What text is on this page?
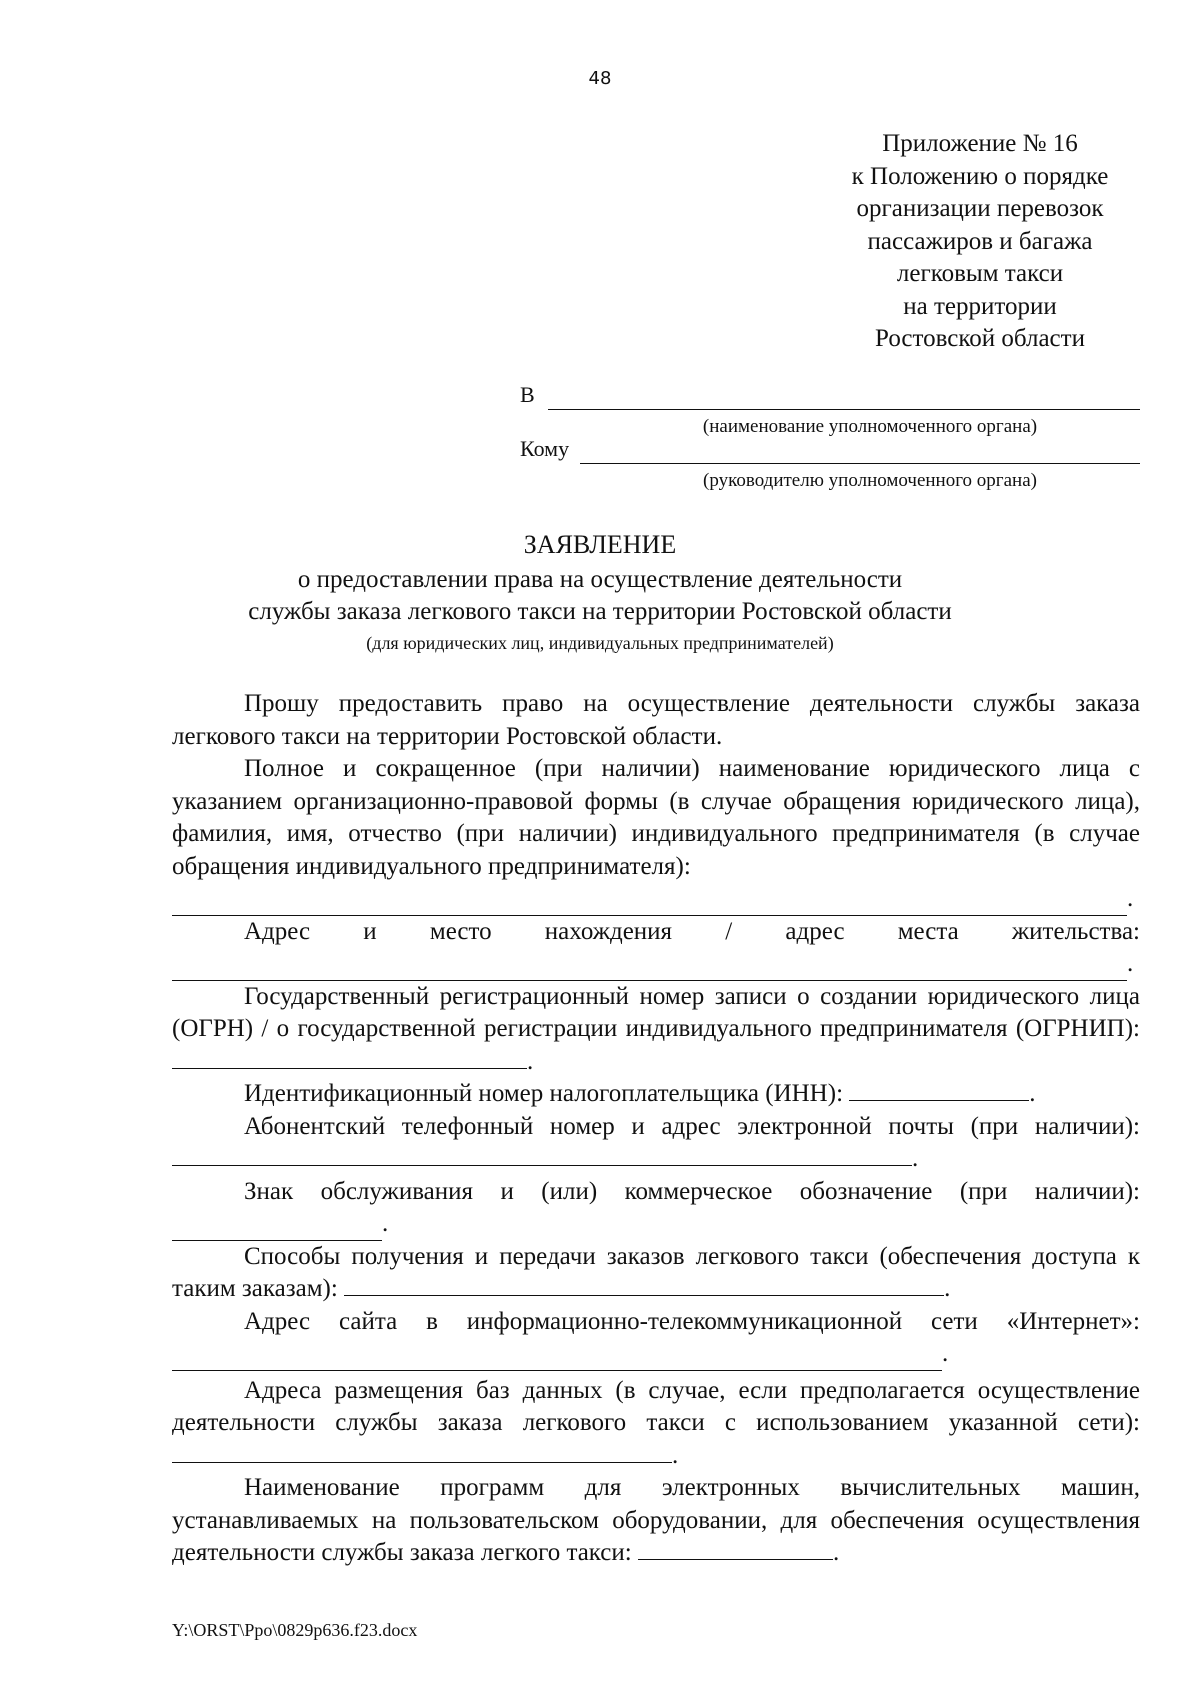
48
Приложение № 16
к Положению о порядке
организации перевозок
пассажиров и багажа
легковым такси
на территории
Ростовской области
В
(наименование уполномоченного органа)
Кому
(руководителю уполномоченного органа)
ЗАЯВЛЕНИЕ
о предоставлении права на осуществление деятельности
службы заказа легкового такси на территории Ростовской области
(для юридических лиц, индивидуальных предпринимателей)

Прошу предоставить право на осуществление деятельности службы заказа легкового такси на территории Ростовской области.

Полное и сокращенное (при наличии) наименование юридического лица с указанием организационно-правовой формы (в случае обращения юридического лица), фамилия, имя, отчество (при наличии) индивидуального предпринимателя (в случае обращения индивидуального предпринимателя):

.

Адрес и место нахождения / адрес места жительства:

.

Государственный регистрационный номер записи о создании юридического лица (ОГРН) / о государственной регистрации индивидуального предпринимателя (ОГРНИП): .

Идентификационный номер налогоплательщика (ИНН):	.

Абонентский телефонный номер и адрес электронной почты (при наличии): .

Знак обслуживания и (или) коммерческое обозначение (при наличии):

.

Способы получения и передачи заказов легкового такси (обеспечения доступа к таким заказам):	.

Адрес сайта в информационно-телекоммуникационной сети «Интернет»:

.

Адреса размещения баз данных (в случае, если предполагается осуществление деятельности службы заказа легкового такси с использованием указанной сети): .

Наименование программ для электронных вычислительных машин, устанавливаемых на пользовательском оборудовании, для обеспечения осуществления деятельности службы заказа легкого такси:	.

Y:\ORST\Ppo\0829p636.f23.docx
